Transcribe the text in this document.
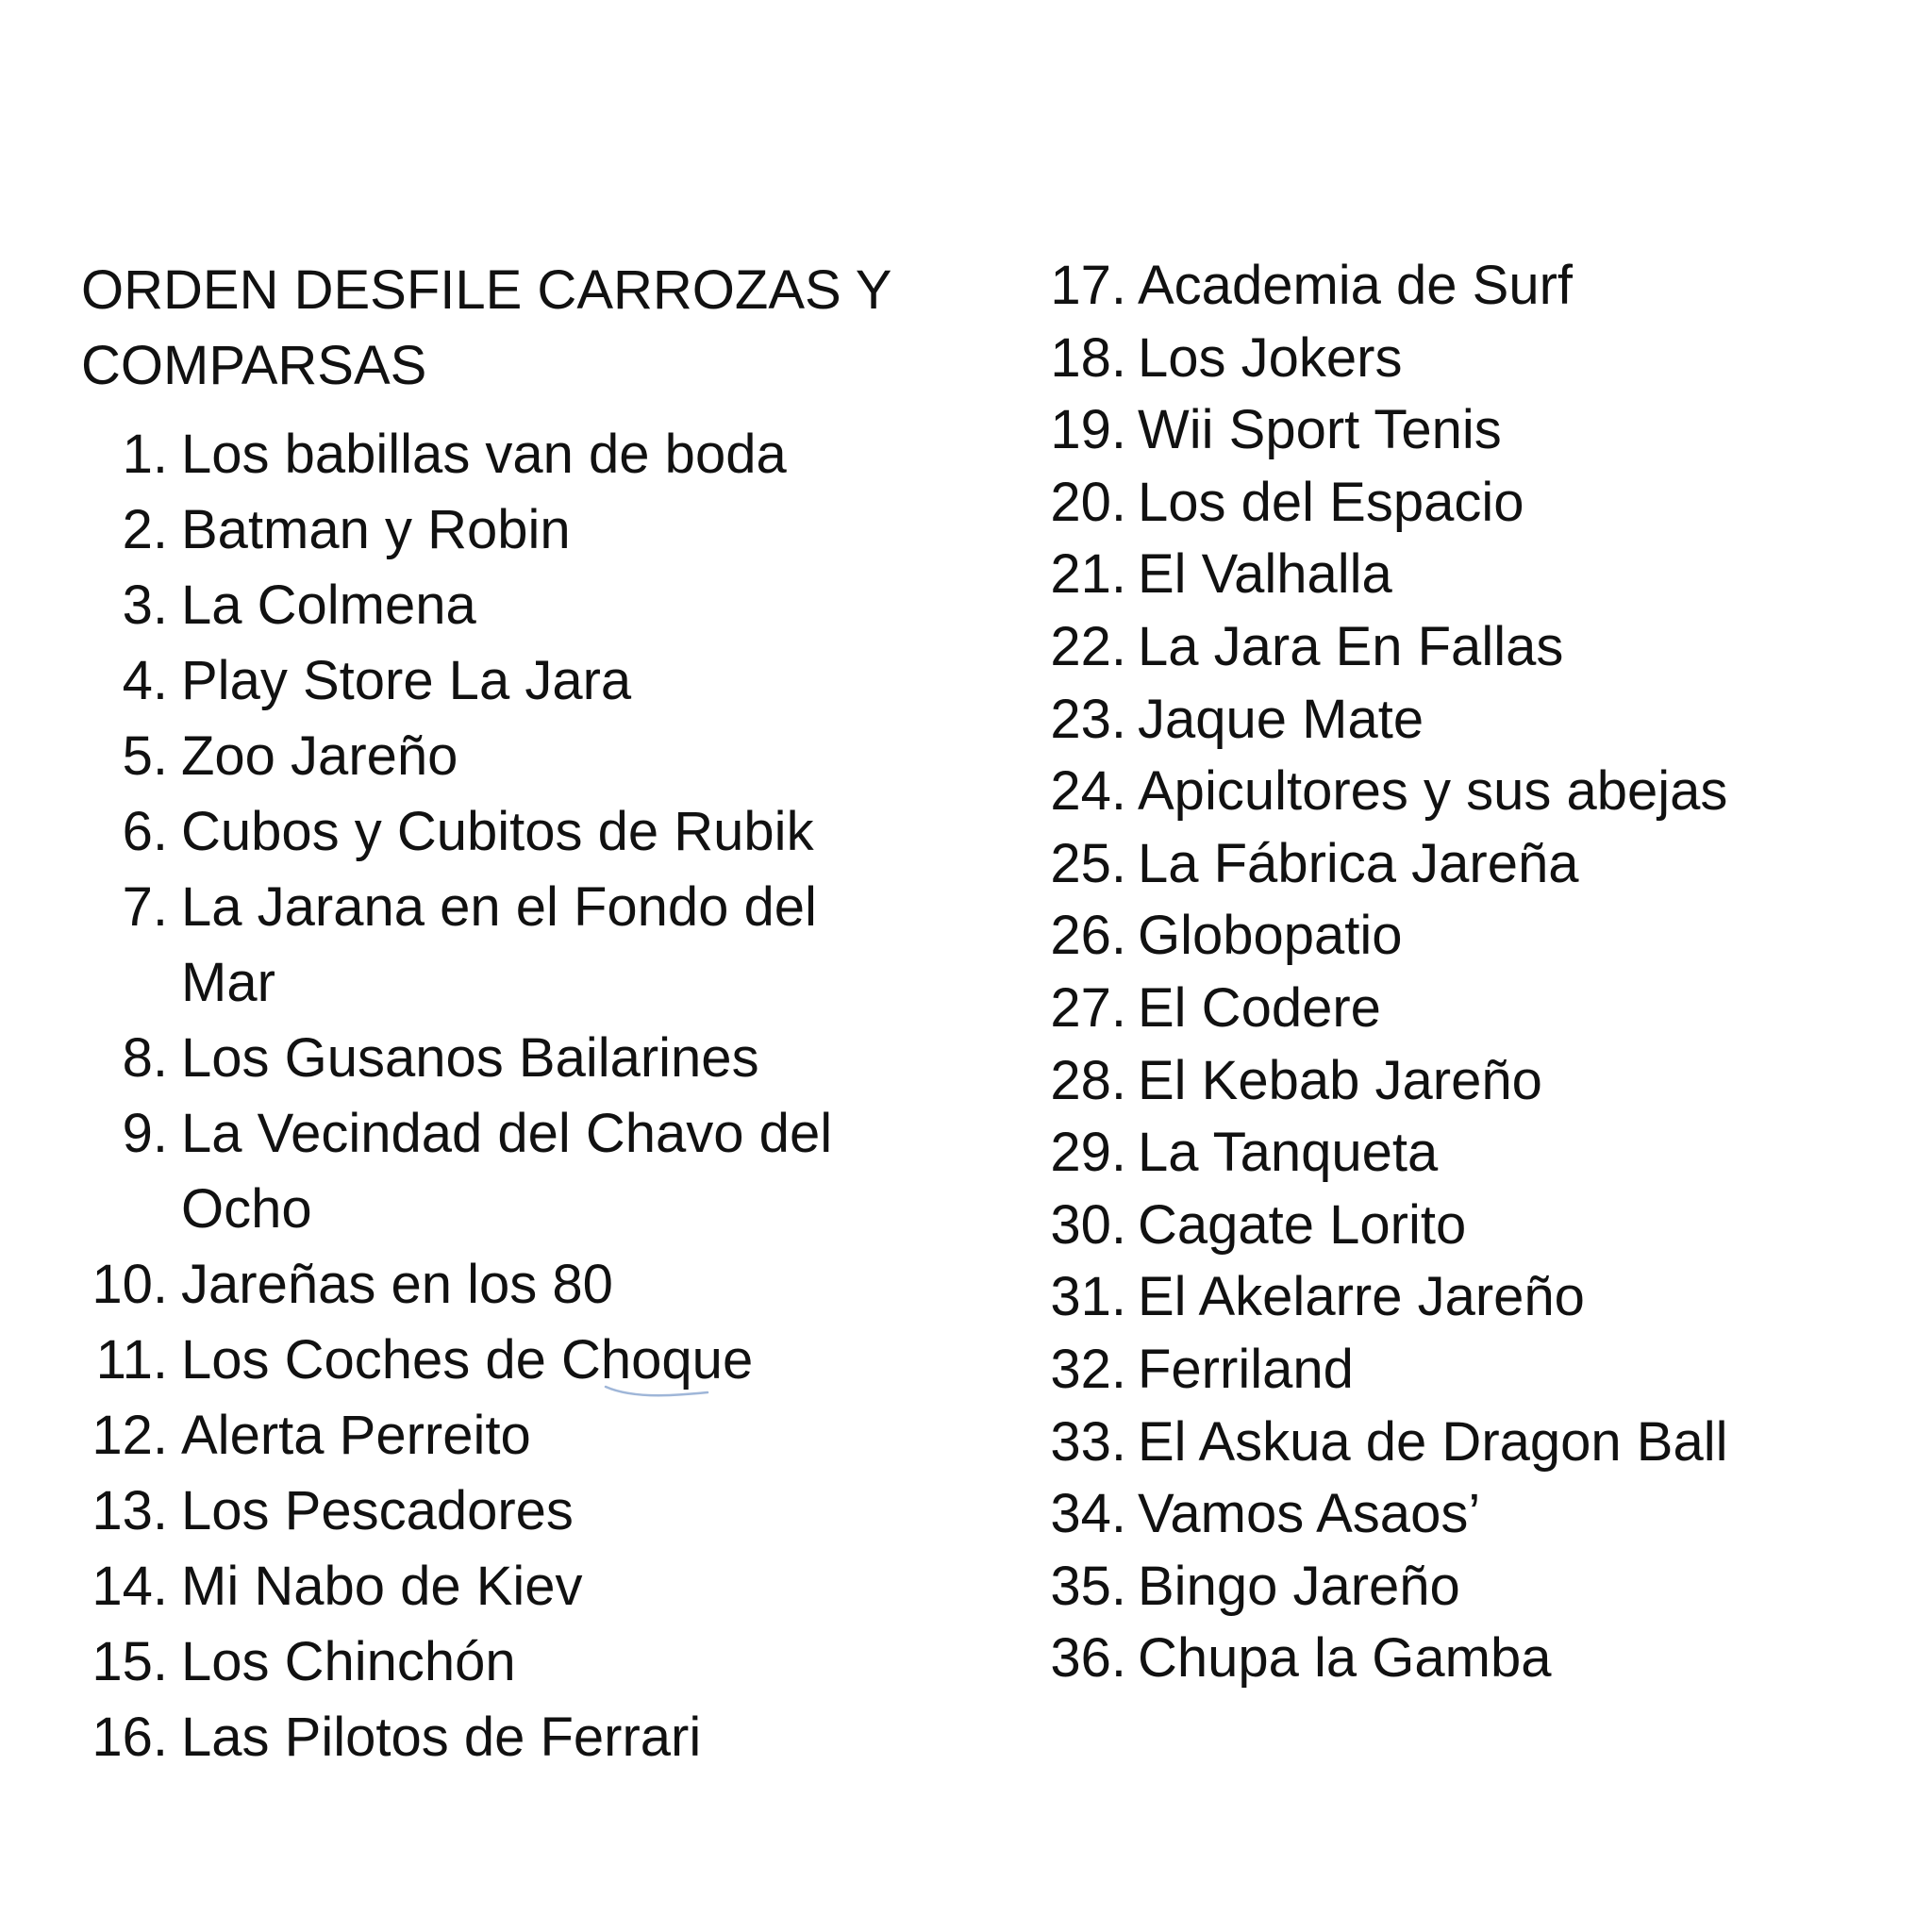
ORDEN DESFILE CARROZAS Y COMPARSAS
1. Los babillas van de boda
2. Batman y Robin
3. La Colmena
4. Play Store La Jara
5. Zoo Jareño
6. Cubos y Cubitos de Rubik
7. La Jarana en el Fondo del Mar
8. Los Gusanos Bailarines
9. La Vecindad del Chavo del Ocho
10. Jareñas en los 80
11. Los Coches de Choque
12. Alerta Perreito
13. Los Pescadores
14. Mi Nabo de Kiev
15. Los Chinchón
16. Las Pilotos de Ferrari
17. Academia de Surf
18. Los Jokers
19. Wii Sport Tenis
20. Los del Espacio
21. El Valhalla
22. La Jara En Fallas
23. Jaque Mate
24. Apicultores y sus abejas
25. La Fábrica Jareña
26. Globopatio
27. El Codere
28. El Kebab Jareño
29. La Tanqueta
30. Cagate Lorito
31. El Akelarre Jareño
32. Ferriland
33. El Askua de Dragon Ball
34. Vamos Asaos’
35. Bingo Jareño
36. Chupa la Gamba
